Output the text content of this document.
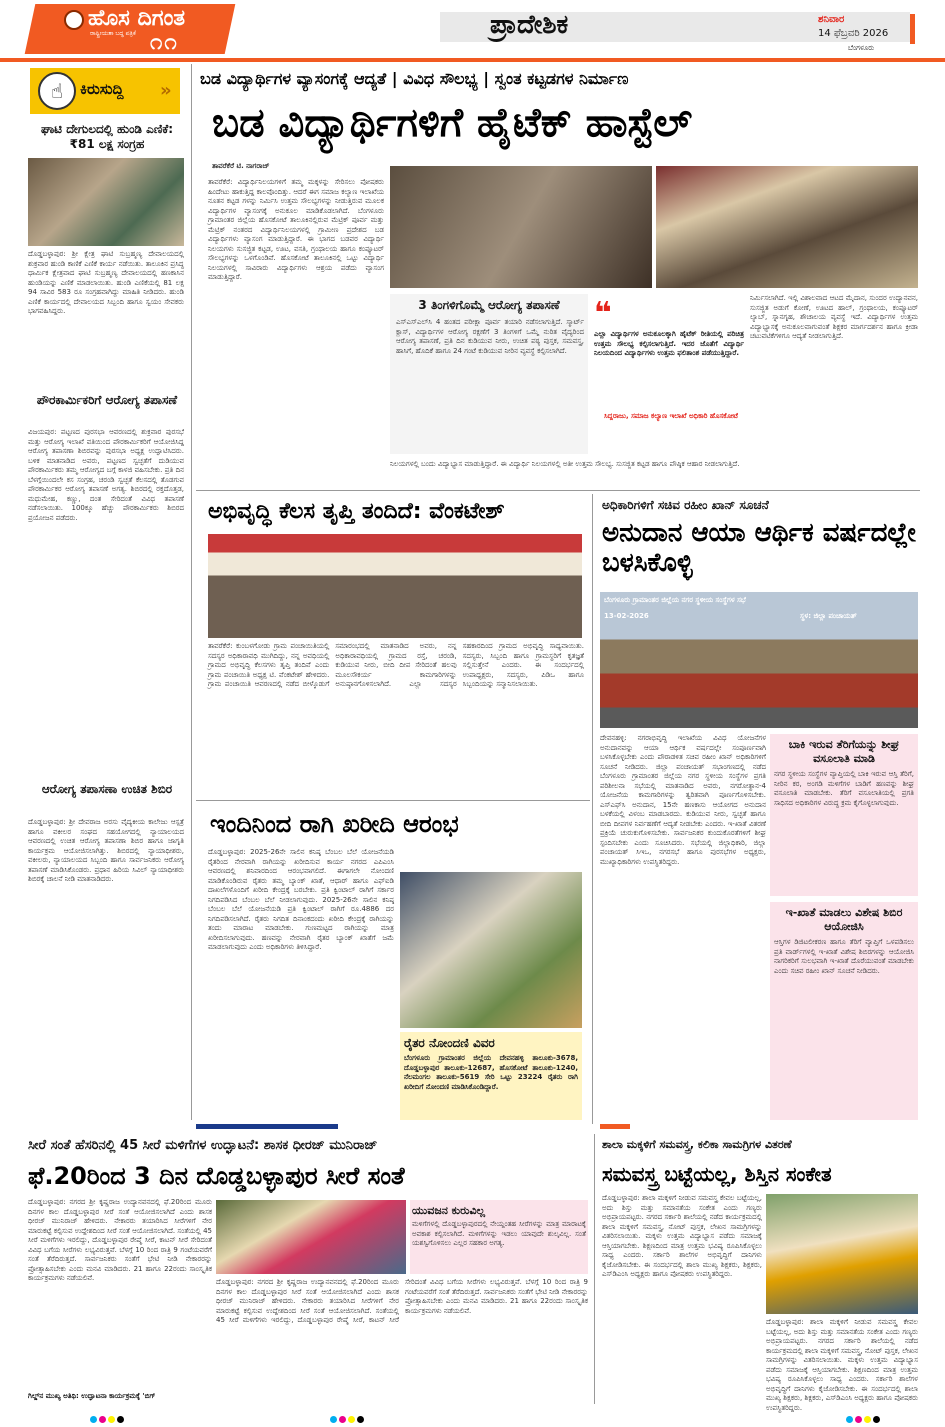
ಹೊಸ ದಿಗಂತ
ರಾಷ್ಟ್ರೀಯತಾ ಬದ್ಧ ಪತ್ರಿಕೆ ೧೧
ಪ್ರಾದೇಶಿಕ	ಶನಿವಾರ
14 ಫೆಬ್ರವರಿ 2026
ಬೆಂಗಳೂರು
☝	ಕಿರುಸುದ್ದಿ »
ಘಾಟಿ ದೇಗುಲದಲ್ಲಿ ಹುಂಡಿ ಎಣಿಕೆ: ₹81 ಲಕ್ಷ ಸಂಗ್ರಹ
ದೊಡ್ಡಬಳ್ಳಾಪುರ: ಶ್ರೀ ಕ್ಷೇತ್ರ ಘಾಟಿ ಸುಬ್ರಹ್ಮಣ್ಯ ದೇವಾಲಯದಲ್ಲಿ ಶುಕ್ರವಾರ ಹುಂಡಿ ಕಾಣಿಕೆ ಎಣಿಕೆ ಕಾರ್ಯ ನಡೆಯಿತು. ತಾಲೂಕಿನ ಪ್ರಸಿದ್ಧ ಧಾರ್ಮಿಕ ಕ್ಷೇತ್ರವಾದ ಘಾಟಿ ಸುಬ್ರಹ್ಮಣ್ಯ ದೇವಾಲಯದಲ್ಲಿ ಹಣಕಾಸಿನ ಹುಂಡಿಯನ್ನು ಎಣಿಕೆ ಮಾಡಲಾಯಿತು. ಹುಂಡಿ ಎಣಿಕೆಯಲ್ಲಿ 81 ಲಕ್ಷ 94 ಸಾವಿರ 583 ರೂ ಸಂಗ್ರಹವಾಗಿದ್ದು ಮಾಹಿತಿ ನೀಡಿದರು. ಹುಂಡಿ ಎಣಿಕೆ ಕಾರ್ಯದಲ್ಲಿ ದೇವಾಲಯದ ಸಿಬ್ಬಂದಿ ಹಾಗೂ ಸ್ವಯಂ ಸೇವಕರು ಭಾಗವಹಿಸಿದ್ದರು.
ಪೌರಕಾರ್ಮಿಕರಿಗೆ ಆರೋಗ್ಯ ತಪಾಸಣೆ
ವಿಜಯಪುರ: ಪಟ್ಟಣದ ಪುರಸಭಾ ಆವರಣದಲ್ಲಿ ಶುಕ್ರವಾರ ಪುರಸಭೆ ಮತ್ತು ಆರೋಗ್ಯ ಇಲಾಖೆ ವತಿಯಿಂದ ಪೌರಕಾರ್ಮಿಕರಿಗೆ ಆಯೋಜಿಸಿದ್ದ ಆರೋಗ್ಯ ತಪಾಸಣಾ ಶಿಬಿರವನ್ನು ಪುರಸಭಾ ಅಧ್ಯಕ್ಷ ಉದ್ಘಾಟಿಸಿದರು. ಬಳಿಕ ಮಾತನಾಡಿದ ಅವರು, ಪಟ್ಟಣದ ಸ್ವಚ್ಛತೆಗೆ ದುಡಿಯುವ ಪೌರಕಾರ್ಮಿಕರು ತಮ್ಮ ಆರೋಗ್ಯದ ಬಗ್ಗೆ ಕಾಳಜಿ ವಹಿಸಬೇಕು. ಪ್ರತಿ ದಿನ ಬೆಳಗ್ಗೆಯಿಂದಲೇ ಕಸ ಸಂಗ್ರಹ, ಚರಂಡಿ ಸ್ವಚ್ಛತೆ ಕೆಲಸದಲ್ಲಿ ತೊಡಗುವ ಪೌರಕಾರ್ಮಿಕರ ಆರೋಗ್ಯ ತಪಾಸಣೆ ಅಗತ್ಯ. ಶಿಬಿರದಲ್ಲಿ ರಕ್ತದೊತ್ತಡ, ಮಧುಮೇಹ, ಕಣ್ಣು, ದಂತ ಸೇರಿದಂತೆ ವಿವಿಧ ತಪಾಸಣೆ ನಡೆಸಲಾಯಿತು. 100ಕ್ಕೂ ಹೆಚ್ಚು ಪೌರಕಾರ್ಮಿಕರು ಶಿಬಿರದ ಪ್ರಯೋಜನ ಪಡೆದರು.
ಆರೋಗ್ಯ ತಪಾಸಣಾ ಉಚಿತ ಶಿಬಿರ
ದೊಡ್ಡಬಳ್ಳಾಪುರ: ಶ್ರೀ ದೇವರಾಜ ಅರಸು ವೈದ್ಯಕೀಯ ಕಾಲೇಜು ಆಸ್ಪತ್ರೆ ಹಾಗೂ ವಕೀಲರ ಸಂಘದ ಸಹಯೋಗದಲ್ಲಿ ನ್ಯಾಯಾಲಯದ ಆವರಣದಲ್ಲಿ ಉಚಿತ ಆರೋಗ್ಯ ತಪಾಸಣಾ ಶಿಬಿರ ಹಾಗೂ ಜಾಗೃತಿ ಕಾರ್ಯಕ್ರಮ ಆಯೋಜಿಸಲಾಗಿತ್ತು. ಶಿಬಿರದಲ್ಲಿ ನ್ಯಾಯಾಧೀಶರು, ವಕೀಲರು, ನ್ಯಾಯಾಲಯದ ಸಿಬ್ಬಂದಿ ಹಾಗೂ ಸಾರ್ವಜನಿಕರು ಆರೋಗ್ಯ ತಪಾಸಣೆ ಮಾಡಿಸಿಕೊಂಡರು. ಪ್ರಧಾನ ಹಿರಿಯ ಸಿವಿಲ್ ನ್ಯಾಯಾಧೀಶರು ಶಿಬಿರಕ್ಕೆ ಚಾಲನೆ ನೀಡಿ ಮಾತನಾಡಿದರು.
ಬಡ ವಿದ್ಯಾರ್ಥಿಗಳ ವ್ಯಾಸಂಗಕ್ಕೆ ಆದ್ಯತೆ | ವಿವಿಧ ಸೌಲಭ್ಯ | ಸ್ವಂತ ಕಟ್ಟಡಗಳ ನಿರ್ಮಾಣ
ಬಡ ವಿದ್ಯಾರ್ಥಿಗಳಿಗೆ ಹೈಟೆಕ್ ಹಾಸ್ಟೆಲ್
ತಾವರೆಕೆರೆ ಟಿ. ನಾಗರಾಜ್
ತಾವರೆಕೆರೆ: ವಿದ್ಯಾರ್ಥಿನಿಲಯಗಳಿಗೆ ತಮ್ಮ ಮಕ್ಕಳನ್ನು ಸೇರಿಸಲು ಪೋಷಕರು ಹಿಂದೇಟು ಹಾಕುತ್ತಿದ್ದ ಕಾಲವೊಂದಿತ್ತು. ಆದರೆ ಈಗ ಸಮಾಜ ಕಲ್ಯಾಣ ಇಲಾಖೆಯ ನೂತನ ಕಟ್ಟಡ ಗಳನ್ನು ನಿರ್ಮಿಸಿ ಉತ್ತಮ ಸೌಲಭ್ಯಗಳನ್ನು ನೀಡುತ್ತಿರುವ ಮೂಲಕ ವಿದ್ಯಾರ್ಥಿಗಳ ವ್ಯಾಸಂಗಕ್ಕೆ ಅನುಕೂಲ ಮಾಡಿಕೊಡಲಾಗಿದೆ. ಬೆಂಗಳೂರು ಗ್ರಾಮಾಂತರ ಜಿಲ್ಲೆಯ ಹೊಸಕೋಟೆ ತಾಲೂಕಿನಲ್ಲಿರುವ ಮೆಟ್ರಿಕ್ ಪೂರ್ವ ಮತ್ತು ಮೆಟ್ರಿಕ್ ನಂತರದ ವಿದ್ಯಾರ್ಥಿನಿಲಯಗಳಲ್ಲಿ ಗ್ರಾಮೀಣ ಪ್ರದೇಶದ ಬಡ ವಿದ್ಯಾರ್ಥಿಗಳು ವ್ಯಾಸಂಗ ಮಾಡುತ್ತಿದ್ದಾರೆ. ಈ ಭಾಗದ ಬಡವರ ವಿದ್ಯಾರ್ಥಿ ನಿಲಯಗಳು ಸುಸಜ್ಜಿತ ಕಟ್ಟಡ, ಊಟ, ವಸತಿ, ಗ್ರಂಥಾಲಯ ಹಾಗೂ ಕಂಪ್ಯೂಟರ್ ಸೌಲಭ್ಯಗಳನ್ನು ಒಳಗೊಂಡಿವೆ. ಹೊಸಕೋಟೆ ತಾಲೂಕಿನಲ್ಲಿ ಒಟ್ಟು ವಿದ್ಯಾರ್ಥಿ ನಿಲಯಗಳಲ್ಲಿ ಸಾವಿರಾರು ವಿದ್ಯಾರ್ಥಿಗಳು ಆಶ್ರಯ ಪಡೆದು ವ್ಯಾಸಂಗ ಮಾಡುತ್ತಿದ್ದಾರೆ.
3 ತಿಂಗಳಿಗೊಮ್ಮೆ ಆರೋಗ್ಯ ತಪಾಸಣೆ
ಎಸ್‌ಎಸ್‌ಎಲ್‌ಸಿ 4 ಹಂತದ ಪರೀಕ್ಷಾ ಪೂರ್ವ ತಯಾರಿ ನಡೆಸಲಾಗುತ್ತಿದೆ. ಸ್ಮಾರ್ಟ್ ಕ್ಲಾಸ್, ವಿದ್ಯಾರ್ಥಿಗಳ ಆರೋಗ್ಯ ರಕ್ಷಣೆಗೆ 3 ತಿಂಗಳಿಗೆ ಒಮ್ಮೆ ನುರಿತ ವೈದ್ಯರಿಂದ ಆರೋಗ್ಯ ತಪಾಸಣೆ, ಪ್ರತಿ ದಿನ ಕುಡಿಯುವ ನೀರು, ಉಚಿತ ಪಠ್ಯ ಪುಸ್ತಕ, ಸಮವಸ್ತ್ರ, ಹಾಸಿಗೆ, ಹೊದಿಕೆ ಹಾಗೂ 24 ಗಂಟೆ ಕುಡಿಯುವ ನೀರಿನ ವ್ಯವಸ್ಥೆ ಕಲ್ಪಿಸಲಾಗಿದೆ.
❝
ಎಲ್ಲಾ ವಿದ್ಯಾರ್ಥಿಗಳ ಅನುಕೂಲಕ್ಕಾಗಿ ಹೈಟೆಕ್ ರೀತಿಯಲ್ಲಿ ಪರಿಚಿತ್ರ ಉತ್ತಮ ಸೌಲಭ್ಯ ಕಲ್ಪಿಸಲಾಗುತ್ತಿದೆ. ಇದರ ಜೊತೆಗೆ ವಿದ್ಯಾರ್ಥಿ ನಿಲಯದಿಂದ ವಿದ್ಯಾರ್ಥಿಗಳು ಉತ್ತಮ ಫಲಿತಾಂಶ ಪಡೆಯುತ್ತಿದ್ದಾರೆ.
ಸಿದ್ದರಾಜು, ಸಮಾಜ ಕಲ್ಯಾಣ ಇಲಾಖೆ ಅಧಿಕಾರಿ ಹೊಸಕೋಟೆ
ನಿರ್ಮಿಸಲಾಗಿದೆ. ಇಲ್ಲಿ ವಿಶಾಲವಾದ ಆಟದ ಮೈದಾನ, ಸುಂದರ ಉದ್ಯಾನವನ, ಸುಸಜ್ಜಿತ ಅಡುಗೆ ಕೋಣೆ, ಊಟದ ಹಾಲ್, ಗ್ರಂಥಾಲಯ, ಕಂಪ್ಯೂಟರ್ ಲ್ಯಾಬ್, ಸ್ನಾನಗೃಹ, ಶೌಚಾಲಯ ವ್ಯವಸ್ಥೆ ಇದೆ. ವಿದ್ಯಾರ್ಥಿಗಳ ಉತ್ತಮ ವಿದ್ಯಾಭ್ಯಾಸಕ್ಕೆ ಅನುಕೂಲವಾಗುವಂತೆ ಶಿಕ್ಷಕರ ಮಾರ್ಗದರ್ಶನ ಹಾಗೂ ಕ್ರೀಡಾ ಚಟುವಟಿಕೆಗಳಿಗೂ ಆದ್ಯತೆ ನೀಡಲಾಗುತ್ತಿದೆ.
ನಿಲಯಗಳಲ್ಲಿ ಬಂದು ವಿದ್ಯಾಭ್ಯಾಸ ಮಾಡುತ್ತಿದ್ದಾರೆ. ಈ ವಿದ್ಯಾರ್ಥಿ ನಿಲಯಗಳಲ್ಲಿ ಅತೀ ಉತ್ತಮ ಸೌಲಭ್ಯ. ಸುಸಜ್ಜಿತ ಕಟ್ಟಡ ಹಾಗೂ ಪೌಷ್ಠಿಕ ಆಹಾರ ನೀಡಲಾಗುತ್ತಿದೆ.
ಅಭಿವೃದ್ಧಿ ಕೆಲಸ ತೃಪ್ತಿ ತಂದಿದೆ: ವೆಂಕಟೇಶ್
ತಾವರೆಕೆರೆ: ಕುಂಬಳಗೋಡು ಗ್ರಾಮ ಪಂಚಾಯಿತಿಯಲ್ಲಿ ಸದಸ್ಯರ ಅಧಿಕಾರಾವಧಿ ಮುಗಿದಿದ್ದು, ನನ್ನ ಅವಧಿಯಲ್ಲಿ ಗ್ರಾಮದ ಅಭಿವೃದ್ಧಿ ಕೆಲಸಗಳು ತೃಪ್ತಿ ತಂದಿವೆ ಎಂದು ಗ್ರಾಮ ಪಂಚಾಯಿತಿ ಅಧ್ಯಕ್ಷ ಟಿ. ವೆಂಕಟೇಶ್ ಹೇಳಿದರು. ಗ್ರಾಮ ಪಂಚಾಯಿತಿ ಆವರಣದಲ್ಲಿ ನಡೆದ ಬೀಳ್ಕೊಡುಗೆ ಸಮಾರಂಭದಲ್ಲಿ ಮಾತನಾಡಿದ ಅವರು, ನನ್ನ ಅಧಿಕಾರಾವಧಿಯಲ್ಲಿ ಗ್ರಾಮದ ರಸ್ತೆ, ಚರಂಡಿ, ಕುಡಿಯುವ ನೀರು, ಬೀದಿ ದೀಪ ಸೇರಿದಂತೆ ಹಲವು ಮೂಲಸೌಕರ್ಯ ಕಾಮಗಾರಿಗಳನ್ನು ಅನುಷ್ಠಾನಗೊಳಿಸಲಾಗಿದೆ. ಎಲ್ಲಾ ಸದಸ್ಯರ ಸಹಕಾರದಿಂದ ಗ್ರಾಮದ ಅಭಿವೃದ್ಧಿ ಸಾಧ್ಯವಾಯಿತು. ಸದಸ್ಯರು, ಸಿಬ್ಬಂದಿ ಹಾಗೂ ಗ್ರಾಮಸ್ಥರಿಗೆ ಕೃತಜ್ಞತೆ ಸಲ್ಲಿಸುತ್ತೇನೆ ಎಂದರು. ಈ ಸಂದರ್ಭದಲ್ಲಿ ಉಪಾಧ್ಯಕ್ಷರು, ಸದಸ್ಯರು, ಪಿಡಿಒ ಹಾಗೂ ಸಿಬ್ಬಂದಿಯನ್ನು ಸನ್ಮಾನಿಸಲಾಯಿತು.
ಅಧಿಕಾರಿಗಳಿಗೆ ಸಚಿವ ರಹೀಂ ಖಾನ್ ಸೂಚನೆ
ಅನುದಾನ ಆಯಾ ಆರ್ಥಿಕ ವರ್ಷದಲ್ಲೇ ಬಳಸಿಕೊಳ್ಳಿ
ಬೆಂಗಳೂರು ಗ್ರಾಮಾಂತರ ಜಿಲ್ಲೆಯ ನಗರ ಸ್ಥಳೀಯ ಸಂಸ್ಥೆಗಳ ಸಭೆ
13-02-2026	ಸ್ಥಳ: ಜಿಲ್ಲಾ ಪಂಚಾಯತ್
ದೇವನಹಳ್ಳಿ: ನಗರಾಭಿವೃದ್ಧಿ ಇಲಾಖೆಯ ವಿವಿಧ ಯೋಜನೆಗಳ ಅನುದಾನವನ್ನು ಆಯಾ ಆರ್ಥಿಕ ವರ್ಷದಲ್ಲೇ ಸಂಪೂರ್ಣವಾಗಿ ಬಳಸಿಕೊಳ್ಳಬೇಕು ಎಂದು ಪೌರಾಡಳಿತ ಸಚಿವ ರಹೀಂ ಖಾನ್ ಅಧಿಕಾರಿಗಳಿಗೆ ಸೂಚನೆ ನೀಡಿದರು. ಜಿಲ್ಲಾ ಪಂಚಾಯತ್ ಸಭಾಂಗಣದಲ್ಲಿ ನಡೆದ ಬೆಂಗಳೂರು ಗ್ರಾಮಾಂತರ ಜಿಲ್ಲೆಯ ನಗರ ಸ್ಥಳೀಯ ಸಂಸ್ಥೆಗಳ ಪ್ರಗತಿ ಪರಿಶೀಲನಾ ಸಭೆಯಲ್ಲಿ ಮಾತನಾಡಿದ ಅವರು, ನಗರೋತ್ಥಾನ-4 ಯೋಜನೆಯ ಕಾಮಗಾರಿಗಳನ್ನು ತ್ವರಿತವಾಗಿ ಪೂರ್ಣಗೊಳಿಸಬೇಕು. ಎಸ್‌ಎಫ್‌ಸಿ ಅನುದಾನ, 15ನೇ ಹಣಕಾಸು ಆಯೋಗದ ಅನುದಾನ ಬಳಕೆಯಲ್ಲಿ ವಿಳಂಬ ಮಾಡಬಾರದು. ಕುಡಿಯುವ ನೀರು, ಸ್ವಚ್ಛತೆ ಹಾಗೂ ಬೀದಿ ದೀಪಗಳ ನಿರ್ವಹಣೆಗೆ ಆದ್ಯತೆ ನೀಡಬೇಕು ಎಂದರು. ಇ-ಖಾತೆ ವಿತರಣೆ ಪ್ರಕ್ರಿಯೆ ಚುರುಕುಗೊಳಿಸಬೇಕು. ಸಾರ್ವಜನಿಕರ ಕುಂದುಕೊರತೆಗಳಿಗೆ ಶೀಘ್ರ ಸ್ಪಂದಿಸಬೇಕು ಎಂದು ಸೂಚಿಸಿದರು. ಸಭೆಯಲ್ಲಿ ಜಿಲ್ಲಾಧಿಕಾರಿ, ಜಿಲ್ಲಾ ಪಂಚಾಯತ್ ಸಿಇಒ, ನಗರಸಭೆ ಹಾಗೂ ಪುರಸಭೆಗಳ ಅಧ್ಯಕ್ಷರು, ಮುಖ್ಯಾಧಿಕಾರಿಗಳು ಉಪಸ್ಥಿತರಿದ್ದರು.
ಬಾಕಿ ಇರುವ ತೆರಿಗೆಯನ್ನು ಶೀಘ್ರ ವಸೂಲಾತಿ ಮಾಡಿ
ನಗರ ಸ್ಥಳೀಯ ಸಂಸ್ಥೆಗಳ ವ್ಯಾಪ್ತಿಯಲ್ಲಿ ಬಾಕಿ ಇರುವ ಆಸ್ತಿ ತೆರಿಗೆ, ನೀರಿನ ಕರ, ಅಂಗಡಿ ಮಳಿಗೆಗಳ ಬಾಡಿಗೆ ಹಣವನ್ನು ಶೀಘ್ರ ವಸೂಲಾತಿ ಮಾಡಬೇಕು. ತೆರಿಗೆ ವಸೂಲಾತಿಯಲ್ಲಿ ಪ್ರಗತಿ ಸಾಧಿಸದ ಅಧಿಕಾರಿಗಳ ವಿರುದ್ಧ ಕ್ರಮ ಕೈಗೊಳ್ಳಲಾಗುವುದು.
ಇ-ಖಾತೆ ಮಾಡಲು ವಿಶೇಷ ಶಿಬಿರ ಆಯೋಜಿಸಿ
ಆಸ್ತಿಗಳ ಡಿಜಿಟಲೀಕರಣ ಹಾಗೂ ತೆರಿಗೆ ವ್ಯಾಪ್ತಿಗೆ ಒಳಪಡಿಸಲು ಪ್ರತಿ ವಾರ್ಡ್‌ಗಳಲ್ಲಿ ಇ-ಖಾತೆ ವಿಶೇಷ ಶಿಬಿರಗಳನ್ನು ಆಯೋಜಿಸಿ ನಾಗರಿಕರಿಗೆ ಸುಲಭವಾಗಿ ಇ-ಖಾತೆ ದೊರೆಯುವಂತೆ ಮಾಡಬೇಕು ಎಂದು ಸಚಿವ ರಹೀಂ ಖಾನ್ ಸೂಚನೆ ನೀಡಿದರು.
ಇಂದಿನಿಂದ ರಾಗಿ ಖರೀದಿ ಆರಂಭ
ದೊಡ್ಡಬಳ್ಳಾಪುರ: 2025-26ನೇ ಸಾಲಿನ ಕನಿಷ್ಠ ಬೆಂಬಲ ಬೆಲೆ ಯೋಜನೆಯಡಿ ರೈತರಿಂದ ನೇರವಾಗಿ ರಾಗಿಯನ್ನು ಖರೀದಿಸುವ ಕಾರ್ಯ ನಗರದ ಎಪಿಎಂಸಿ ಆವರಣದಲ್ಲಿ ಶನಿವಾರದಿಂದ ಆರಂಭವಾಗಲಿದೆ. ಈಗಾಗಲೇ ನೋಂದಣಿ ಮಾಡಿಕೊಂಡಿರುವ ರೈತರು ತಮ್ಮ ಬ್ಯಾಂಕ್ ಖಾತೆ, ಆಧಾರ್ ಹಾಗೂ ಎಫ್‌ಐಡಿ ದಾಖಲೆಗಳೊಂದಿಗೆ ಖರೀದಿ ಕೇಂದ್ರಕ್ಕೆ ಬರಬೇಕು. ಪ್ರತಿ ಕ್ವಿಂಟಾಲ್ ರಾಗಿಗೆ ಸರ್ಕಾರ ನಿಗದಿಪಡಿಸಿದ ಬೆಂಬಲ ಬೆಲೆ ನೀಡಲಾಗುವುದು. 2025-26ನೇ ಸಾಲಿನ ಕನಿಷ್ಠ ಬೆಂಬಲ ಬೆಲೆ ಯೋಜನೆಯಡಿ ಪ್ರತಿ ಕ್ವಿಂಟಾಲ್ ರಾಗಿಗೆ ರೂ.4886 ದರ ನಿಗದಿಪಡಿಸಲಾಗಿದೆ. ರೈತರು ನಿಗದಿತ ದಿನಾಂಕದಂದು ಖರೀದಿ ಕೇಂದ್ರಕ್ಕೆ ರಾಗಿಯನ್ನು ತಂದು ಮಾರಾಟ ಮಾಡಬೇಕು. ಗುಣಮಟ್ಟದ ರಾಗಿಯನ್ನು ಮಾತ್ರ ಖರೀದಿಸಲಾಗುವುದು. ಹಣವನ್ನು ನೇರವಾಗಿ ರೈತರ ಬ್ಯಾಂಕ್ ಖಾತೆಗೆ ಜಮೆ ಮಾಡಲಾಗುವುದು ಎಂದು ಅಧಿಕಾರಿಗಳು ತಿಳಿಸಿದ್ದಾರೆ.
ರೈತರ ನೋಂದಣಿ ವಿವರ
ಬೆಂಗಳೂರು ಗ್ರಾಮಾಂತರ ಜಿಲ್ಲೆಯ ದೇವನಹಳ್ಳಿ ತಾಲೂಕು-3678, ದೊಡ್ಡಬಳ್ಳಾಪುರ ತಾಲೂಕು-12687, ಹೊಸಕೋಟೆ ತಾಲೂಕು-1240, ನೆಲಮಂಗಲ ತಾಲೂಕು-5619 ಸೇರಿ ಒಟ್ಟು 23224 ರೈತರು ರಾಗಿ ಖರೀದಿಗೆ ನೋಂದಣಿ ಮಾಡಿಸಿಕೊಂಡಿದ್ದಾರೆ.
ಸೀರೆ ಸಂತೆ ಹೆಸರಿನಲ್ಲಿ 45 ಸೀರೆ ಮಳಿಗೆಗಳ ಉದ್ಘಾಟನೆ: ಶಾಸಕ ಧೀರಜ್ ಮುನಿರಾಜ್
ಫೆ.20ರಿಂದ 3 ದಿನ ದೊಡ್ಡಬಳ್ಳಾಪುರ ಸೀರೆ ಸಂತೆ
ದೊಡ್ಡಬಳ್ಳಾಪುರ: ನಗರದ ಶ್ರೀ ಕೃಷ್ಣರಾಜ ಉದ್ಯಾನವನದಲ್ಲಿ ಫೆ.20ರಿಂದ ಮೂರು ದಿನಗಳ ಕಾಲ ದೊಡ್ಡಬಳ್ಳಾಪುರ ಸೀರೆ ಸಂತೆ ಆಯೋಜಿಸಲಾಗಿದೆ ಎಂದು ಶಾಸಕ ಧೀರಜ್ ಮುನಿರಾಜ್ ಹೇಳಿದರು. ನೇಕಾರರು ತಯಾರಿಸಿದ ಸೀರೆಗಳಿಗೆ ನೇರ ಮಾರುಕಟ್ಟೆ ಕಲ್ಪಿಸುವ ಉದ್ದೇಶದಿಂದ ಸೀರೆ ಸಂತೆ ಆಯೋಜಿಸಲಾಗಿದೆ. ಸಂತೆಯಲ್ಲಿ 45 ಸೀರೆ ಮಳಿಗೆಗಳು ಇರಲಿದ್ದು, ದೊಡ್ಡಬಳ್ಳಾಪುರ ರೇಷ್ಮೆ ಸೀರೆ, ಕಾಟನ್ ಸೀರೆ ಸೇರಿದಂತೆ ವಿವಿಧ ಬಗೆಯ ಸೀರೆಗಳು ಲಭ್ಯವಿರುತ್ತವೆ. ಬೆಳಗ್ಗೆ 10 ರಿಂದ ರಾತ್ರಿ 9 ಗಂಟೆಯವರೆಗೆ ಸಂತೆ ತೆರೆದಿರುತ್ತದೆ. ಸಾರ್ವಜನಿಕರು ಸಂತೆಗೆ ಭೇಟಿ ನೀಡಿ ನೇಕಾರರನ್ನು ಪ್ರೋತ್ಸಾಹಿಸಬೇಕು ಎಂದು ಮನವಿ ಮಾಡಿದರು. 21 ಹಾಗೂ 22ರಂದು ಸಾಂಸ್ಕೃತಿಕ ಕಾರ್ಯಕ್ರಮಗಳು ನಡೆಯಲಿವೆ.
ಗಿಲ್ಡ್‌ನ ಮುಖ್ಯ ಅತಿಥಿ: ಉದ್ಘಾಟನಾ ಕಾರ್ಯಕ್ರಮಕ್ಕೆ 'ಬಿಗ್
ದೊಡ್ಡಬಳ್ಳಾಪುರ: ನಗರದ ಶ್ರೀ ಕೃಷ್ಣರಾಜ ಉದ್ಯಾನವನದಲ್ಲಿ ಫೆ.20ರಿಂದ ಮೂರು ದಿನಗಳ ಕಾಲ ದೊಡ್ಡಬಳ್ಳಾಪುರ ಸೀರೆ ಸಂತೆ ಆಯೋಜಿಸಲಾಗಿದೆ ಎಂದು ಶಾಸಕ ಧೀರಜ್ ಮುನಿರಾಜ್ ಹೇಳಿದರು. ನೇಕಾರರು ತಯಾರಿಸಿದ ಸೀರೆಗಳಿಗೆ ನೇರ ಮಾರುಕಟ್ಟೆ ಕಲ್ಪಿಸುವ ಉದ್ದೇಶದಿಂದ ಸೀರೆ ಸಂತೆ ಆಯೋಜಿಸಲಾಗಿದೆ. ಸಂತೆಯಲ್ಲಿ 45 ಸೀರೆ ಮಳಿಗೆಗಳು ಇರಲಿದ್ದು, ದೊಡ್ಡಬಳ್ಳಾಪುರ ರೇಷ್ಮೆ ಸೀರೆ, ಕಾಟನ್ ಸೀರೆ ಸೇರಿದಂತೆ ವಿವಿಧ ಬಗೆಯ ಸೀರೆಗಳು ಲಭ್ಯವಿರುತ್ತವೆ. ಬೆಳಗ್ಗೆ 10 ರಿಂದ ರಾತ್ರಿ 9 ಗಂಟೆಯವರೆಗೆ ಸಂತೆ ತೆರೆದಿರುತ್ತದೆ. ಸಾರ್ವಜನಿಕರು ಸಂತೆಗೆ ಭೇಟಿ ನೀಡಿ ನೇಕಾರರನ್ನು ಪ್ರೋತ್ಸಾಹಿಸಬೇಕು ಎಂದು ಮನವಿ ಮಾಡಿದರು. 21 ಹಾಗೂ 22ರಂದು ಸಾಂಸ್ಕೃತಿಕ ಕಾರ್ಯಕ್ರಮಗಳು ನಡೆಯಲಿವೆ.
ಯುವಜನ ಕುರುವಿಲ್ಲ
ಮಳಿಗೆಗಳಲ್ಲಿ ದೊಡ್ಡಬಳ್ಳಾಪುರದಲ್ಲಿ ನೇಯ್ದಂತಹ ಸೀರೆಗಳನ್ನು ಮಾತ್ರ ಮಾರಾಟಕ್ಕೆ ಅವಕಾಶ ಕಲ್ಪಿಸಲಾಗಿದೆ. ಮಳಿಗೆಗಳನ್ನು ಇಡಲು ಯಾವುದೇ ಶುಲ್ಕವಿಲ್ಲ. ಸಂತೆ ಯಶಸ್ವಿಗೊಳಿಸಲು ಎಲ್ಲರ ಸಹಕಾರ ಅಗತ್ಯ.
ಶಾಲಾ ಮಕ್ಕಳಿಗೆ ಸಮವಸ್ತ್ರ, ಕಲಿಕಾ ಸಾಮಗ್ರಿಗಳ ವಿತರಣೆ
ಸಮವಸ್ತ್ರ ಬಟ್ಟೆಯಲ್ಲ, ಶಿಸ್ತಿನ ಸಂಕೇತ
ದೊಡ್ಡಬಳ್ಳಾಪುರ: ಶಾಲಾ ಮಕ್ಕಳಿಗೆ ನೀಡುವ ಸಮವಸ್ತ್ರ ಕೇವಲ ಬಟ್ಟೆಯಲ್ಲ, ಅದು ಶಿಸ್ತು ಮತ್ತು ಸಮಾನತೆಯ ಸಂಕೇತ ಎಂದು ಗಣ್ಯರು ಅಭಿಪ್ರಾಯಪಟ್ಟರು. ನಗರದ ಸರ್ಕಾರಿ ಶಾಲೆಯಲ್ಲಿ ನಡೆದ ಕಾರ್ಯಕ್ರಮದಲ್ಲಿ ಶಾಲಾ ಮಕ್ಕಳಿಗೆ ಸಮವಸ್ತ್ರ, ನೋಟ್ ಪುಸ್ತಕ, ಲೇಖನ ಸಾಮಗ್ರಿಗಳನ್ನು ವಿತರಿಸಲಾಯಿತು. ಮಕ್ಕಳು ಉತ್ತಮ ವಿದ್ಯಾಭ್ಯಾಸ ಪಡೆದು ಸಮಾಜಕ್ಕೆ ಆಸ್ತಿಯಾಗಬೇಕು. ಶಿಕ್ಷಣದಿಂದ ಮಾತ್ರ ಉತ್ತಮ ಭವಿಷ್ಯ ರೂಪಿಸಿಕೊಳ್ಳಲು ಸಾಧ್ಯ ಎಂದರು. ಸರ್ಕಾರಿ ಶಾಲೆಗಳ ಅಭಿವೃದ್ಧಿಗೆ ದಾನಿಗಳು ಕೈಜೋಡಿಸಬೇಕು. ಈ ಸಂದರ್ಭದಲ್ಲಿ ಶಾಲಾ ಮುಖ್ಯ ಶಿಕ್ಷಕರು, ಶಿಕ್ಷಕರು, ಎಸ್‌ಡಿಎಂಸಿ ಅಧ್ಯಕ್ಷರು ಹಾಗೂ ಪೋಷಕರು ಉಪಸ್ಥಿತರಿದ್ದರು.
ದೊಡ್ಡಬಳ್ಳಾಪುರ: ಶಾಲಾ ಮಕ್ಕಳಿಗೆ ನೀಡುವ ಸಮವಸ್ತ್ರ ಕೇವಲ ಬಟ್ಟೆಯಲ್ಲ, ಅದು ಶಿಸ್ತು ಮತ್ತು ಸಮಾನತೆಯ ಸಂಕೇತ ಎಂದು ಗಣ್ಯರು ಅಭಿಪ್ರಾಯಪಟ್ಟರು. ನಗರದ ಸರ್ಕಾರಿ ಶಾಲೆಯಲ್ಲಿ ನಡೆದ ಕಾರ್ಯಕ್ರಮದಲ್ಲಿ ಶಾಲಾ ಮಕ್ಕಳಿಗೆ ಸಮವಸ್ತ್ರ, ನೋಟ್ ಪುಸ್ತಕ, ಲೇಖನ ಸಾಮಗ್ರಿಗಳನ್ನು ವಿತರಿಸಲಾಯಿತು. ಮಕ್ಕಳು ಉತ್ತಮ ವಿದ್ಯಾಭ್ಯಾಸ ಪಡೆದು ಸಮಾಜಕ್ಕೆ ಆಸ್ತಿಯಾಗಬೇಕು. ಶಿಕ್ಷಣದಿಂದ ಮಾತ್ರ ಉತ್ತಮ ಭವಿಷ್ಯ ರೂಪಿಸಿಕೊಳ್ಳಲು ಸಾಧ್ಯ ಎಂದರು. ಸರ್ಕಾರಿ ಶಾಲೆಗಳ ಅಭಿವೃದ್ಧಿಗೆ ದಾನಿಗಳು ಕೈಜೋಡಿಸಬೇಕು. ಈ ಸಂದರ್ಭದಲ್ಲಿ ಶಾಲಾ ಮುಖ್ಯ ಶಿಕ್ಷಕರು, ಶಿಕ್ಷಕರು, ಎಸ್‌ಡಿಎಂಸಿ ಅಧ್ಯಕ್ಷರು ಹಾಗೂ ಪೋಷಕರು ಉಪಸ್ಥಿತರಿದ್ದರು.
